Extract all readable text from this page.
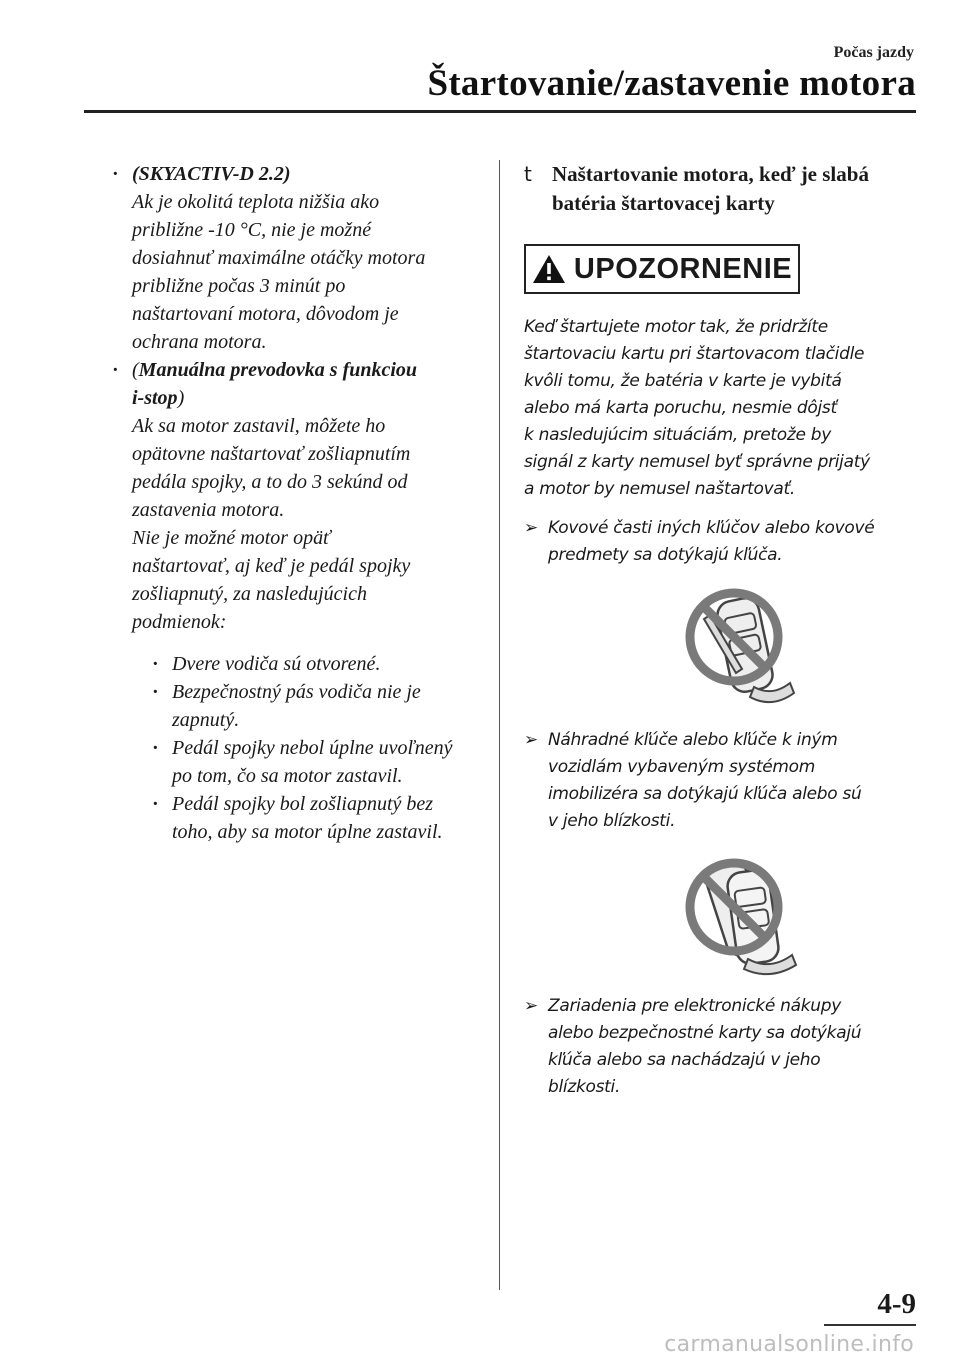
Počas jazdy
Štartovanie/zastavenie motora
· (SKYACTIV-D 2.2)
Ak je okolitá teplota nižšia ako
približne -10 °C, nie je možné
dosiahnuť maximálne otáčky motora
približne počas 3 minút po
naštartovaní motora, dôvodom je
ochrana motora.
· (Manuálna prevodovka s funkciou
i-stop)
Ak sa motor zastavil, môžete ho
opätovne naštartovať zošliapnutím
pedála spojky, a to do 3 sekúnd od
zastavenia motora.
Nie je možné motor opäť
naštartovať, aj keď je pedál spojky
zošliapnutý, za nasledujúcich
podmienok:
· Dvere vodiča sú otvorené.
· Bezpečnostný pás vodiča nie je
zapnutý.
· Pedál spojky nebol úplne uvoľnený
po tom, čo sa motor zastavil.
· Pedál spojky bol zošliapnutý bez
toho, aby sa motor úplne zastavil.
t Naštartovanie motora, keď je slabá
batéria štartovacej karty
UPOZORNENIE
Keď štartujete motor tak, že pridržíte
štartovaciu kartu pri štartovacom tlačidle
kvôli tomu, že batéria v karte je vybitá
alebo má karta poruchu, nesmie dôjsť
k nasledujúcim situáciám, pretože by
signál z karty nemusel byť správne prijatý
a motor by nemusel naštartovať.
➢ Kovové časti iných kľúčov alebo kovové
predmety sa dotýkajú kľúča.
➢ Náhradné kľúče alebo kľúče k iným
vozidlám vybaveným systémom
imobilizéra sa dotýkajú kľúča alebo sú
v jeho blízkosti.
➢ Zariadenia pre elektronické nákupy
alebo bezpečnostné karty sa dotýkajú
kľúča alebo sa nachádzajú v jeho
blízkosti.
4-9
carmanualsonline.info
